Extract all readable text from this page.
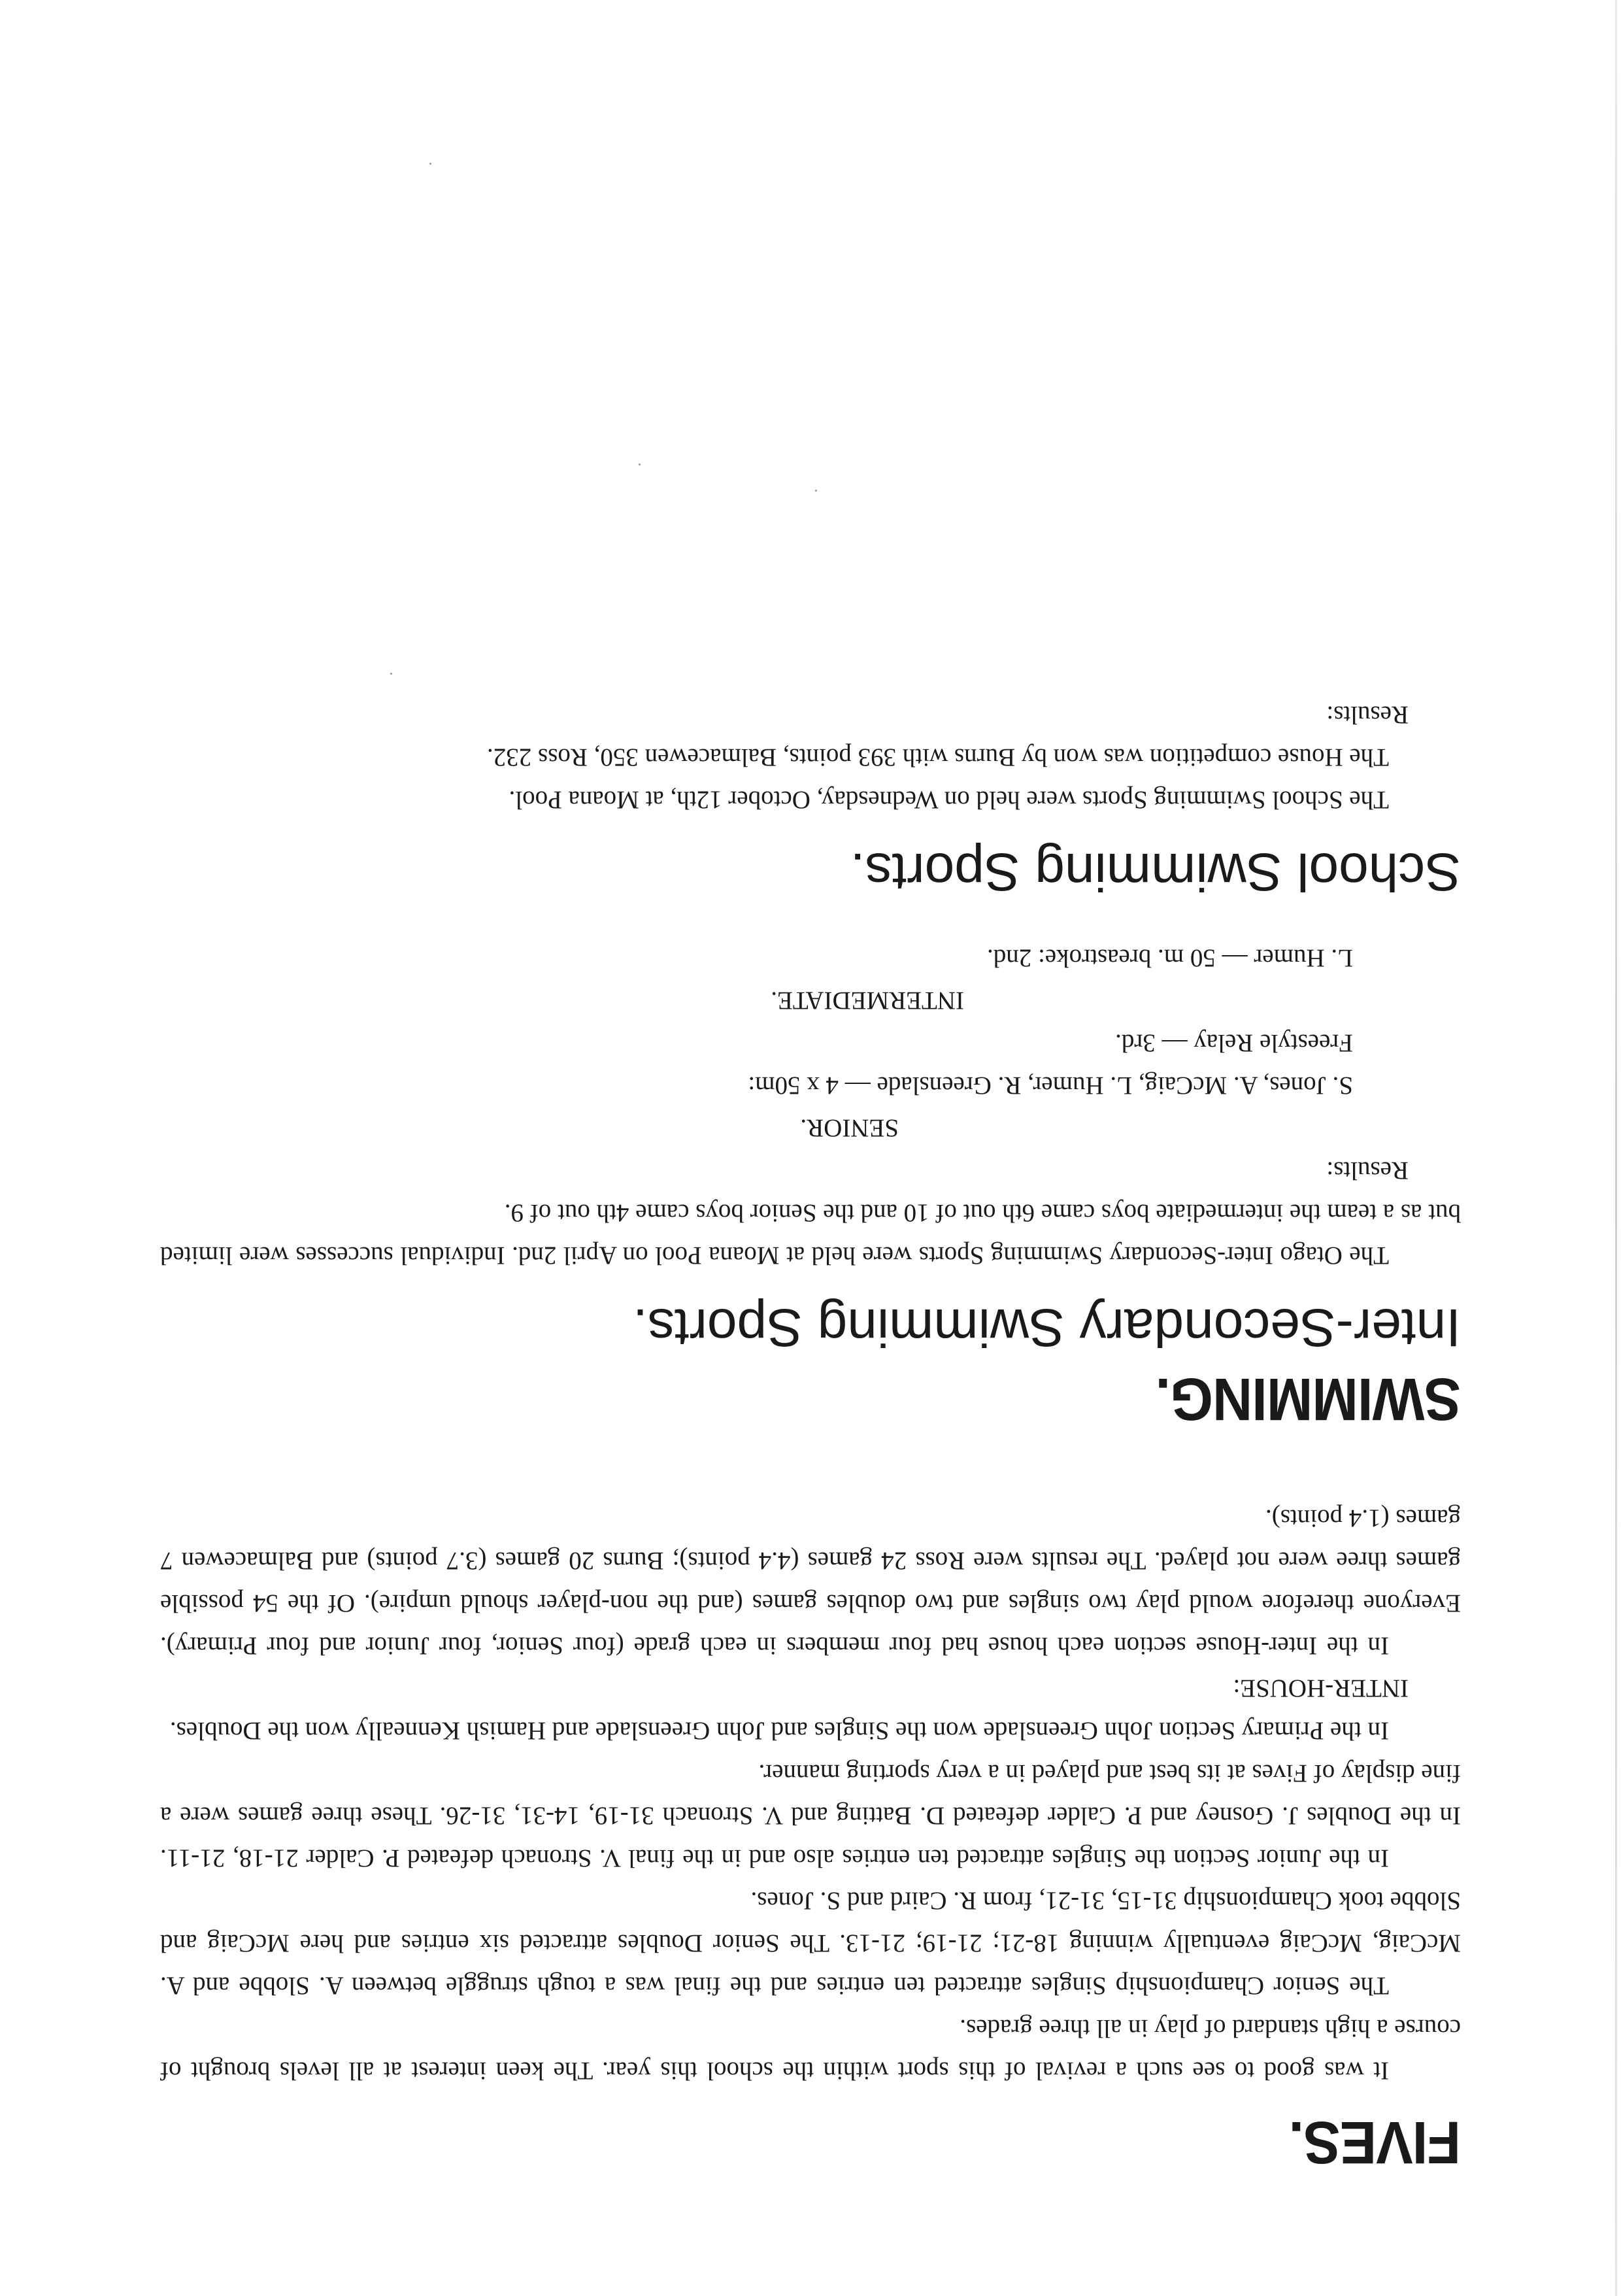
FIVES.

It was good to see such a revival of this sport within the school this year. The keen interest at all levels brought of course a high standard of play in all three grades.

The Senior Championship Singles attracted ten entries and the final was a tough struggle between A. Slobbe and A. McCaig, McCaig eventually winning 18-21; 21-19; 21-13. The Senior Doubles attracted six entries and here McCaig and Slobbe took Championship 31-15, 31-21, from R. Caird and S. Jones.

In the Junior Section the Singles attracted ten entries also and in the final V. Stronach defeated P. Calder 21-18, 21-11. In the Doubles J. Gosney and P. Calder defeated D. Batting and V. Stronach 31-19, 14-31, 31-26. These three games were a fine display of Fives at its best and played in a very sporting manner.

In the Primary Section John Greenslade won the Singles and John Greenslade and Hamish Kenneally won the Doubles.

INTER-HOUSE:

In the Inter-House section each house had four members in each grade (four Senior, four Junior and four Primary). Everyone therefore would play two singles and two doubles games (and the non-player should umpire). Of the 54 possible games three were not played. The results were Ross 24 games (4.4 points); Burns 20 games (3.7 points) and Balmacewen 7 games (1.4 points).

SWIMMING.
Inter-Secondary Swimming Sports.

The Otago Inter-Secondary Swimming Sports were held at Moana Pool on April 2nd. Individual successes were limited but as a team the intermediate boys came 6th out of 10 and the Senior boys came 4th out of 9.

Results:

SENIOR.

S. Jones, A. McCaig, L. Humer, R. Greenslade — 4 x 50m:

Freestyle Relay — 3rd.

INTERMEDIATE.

L. Humer — 50 m. breastroke: 2nd.

School Swimming Sports.

The School Swimming Sports were held on Wednesday, October 12th, at Moana Pool.

The House competition was won by Burns with 393 points, Balmacewen 350, Ross 232.

Results:
